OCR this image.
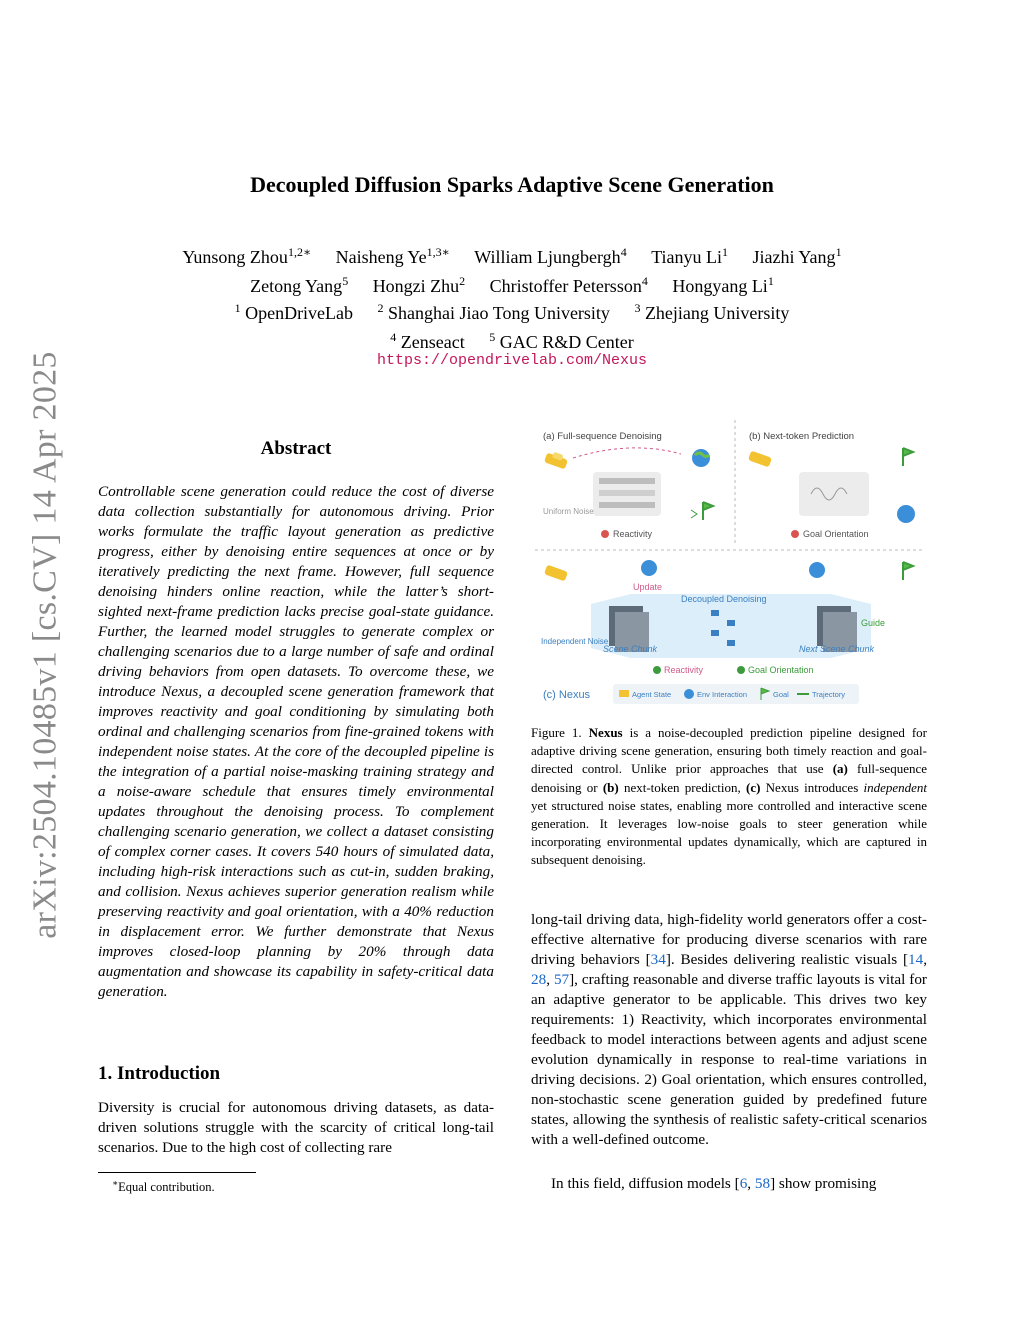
arXiv:2504.10485v1 [cs.CV] 14 Apr 2025
Decoupled Diffusion Sparks Adaptive Scene Generation
Yunsong Zhou$^{1,2∗}$ Naisheng $Ye^{1,3∗}$ William Ljungbergh$^4$ Tianyu Li$^1$ Jiazhi Yang$^1$
Zetong Yang$^5$ Hongzi Zhu$^2$ Christoffer Petersson$^4$ Hongyang Li$^1$
$^1$ OpenDriveLab $^2$ Shanghai Jiao Tong University $^3$ Zhejiang University
$^4$ Zenseact $^5$ GAC R&D Center
https://opendrivelab.com/Nexus
Abstract

Controllable scene generation could reduce the cost of diverse data collection substantially for autonomous driving. Prior works formulate the traffic layout generation as predictive progress, either by denoising entire sequences at once or by iteratively predicting the next frame. However, full sequence denoising hinders online reaction, while the latter’s short-sighted next-frame prediction lacks precise goal-state guidance. Further, the learned model struggles to generate complex or challenging scenarios due to a large number of safe and ordinal driving behaviors from open datasets. To overcome these, we introduce Nexus, a decoupled scene generation framework that improves reactivity and goal conditioning by simulating both ordinal and challenging scenarios from fine-grained tokens with independent noise states. At the core of the decoupled pipeline is the integration of a partial noise-masking training strategy and a noise-aware schedule that ensures timely environmental updates throughout the denoising process. To complement challenging scenario generation, we collect a dataset consisting of complex corner cases. It covers 540 hours of simulated data, including high-risk interactions such as cut-in, sudden braking, and collision. Nexus achieves superior generation realism while preserving reactivity and goal orientation, with a 40% reduction in displacement error. We further demonstrate that Nexus improves closed-loop planning by 20% through data augmentation and showcase its capability in safety-critical data generation.

1. Introduction

Diversity is crucial for autonomous driving datasets, as data-driven solutions struggle with the scarcity of critical long-tail scenarios. Due to the high cost of collecting rare

∗Equal contribution.
(a) Full-sequence Denoising	(b) Next-token Prediction
Uniform Noise
Reactivity	Goal Orientation
Update
Decoupled Denoising
Guide
Independent Noise
Scene Chunk	Next Scene Chunk
Reactivity	Goal Orientation
(c) Nexus	Agent State	Env Interaction	Goal	Trajectory

Figure 1. Nexus is a noise-decoupled prediction pipeline designed for adaptive driving scene generation, ensuring both timely reaction and goal-directed control. Unlike prior approaches that use (a) full-sequence denoising or (b) next-token prediction, (c) Nexus introduces independent yet structured noise states, enabling more controlled and interactive scene generation. It leverages low-noise goals to steer generation while incorporating environmental updates dynamically, which are captured in subsequent denoising.

long-tail driving data, high-fidelity world generators offer a cost-effective alternative for producing diverse scenarios with rare driving behaviors [34]. Besides delivering realistic visuals [14, 28, 57], crafting reasonable and diverse traffic layouts is vital for an adaptive generator to be applicable. This drives two key requirements: 1) Reactivity, which incorporates environmental feedback to model interactions between agents and adjust scene evolution dynamically in response to real-time variations in driving decisions. 2) Goal orientation, which ensures controlled, non-stochastic scene generation guided by predefined future states, allowing the synthesis of realistic safety-critical scenarios with a well-defined outcome.

In this field, diffusion models [6, 58] show promising
